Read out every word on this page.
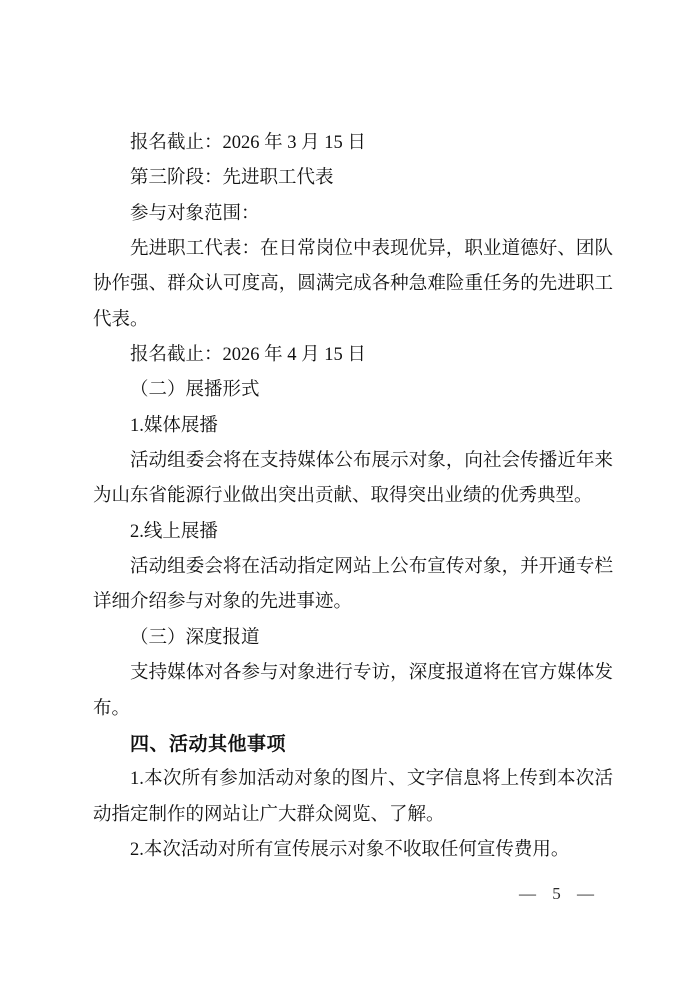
报名截止：2026 年 3 月 15 日
第三阶段：先进职工代表
参与对象范围：
先进职工代表：在日常岗位中表现优异，职业道德好、团队
协作强、群众认可度高，圆满完成各种急难险重任务的先进职工
代表。
报名截止：2026 年 4 月 15 日
（二）展播形式
1.媒体展播
活动组委会将在支持媒体公布展示对象，向社会传播近年来
为山东省能源行业做出突出贡献、取得突出业绩的优秀典型。
2.线上展播
活动组委会将在活动指定网站上公布宣传对象，并开通专栏
详细介绍参与对象的先进事迹。
（三）深度报道
支持媒体对各参与对象进行专访，深度报道将在官方媒体发
布。
四、活动其他事项
1.本次所有参加活动对象的图片、文字信息将上传到本次活
动指定制作的网站让广大群众阅览、了解。
2.本次活动对所有宣传展示对象不收取任何宣传费用。
— 5 —
